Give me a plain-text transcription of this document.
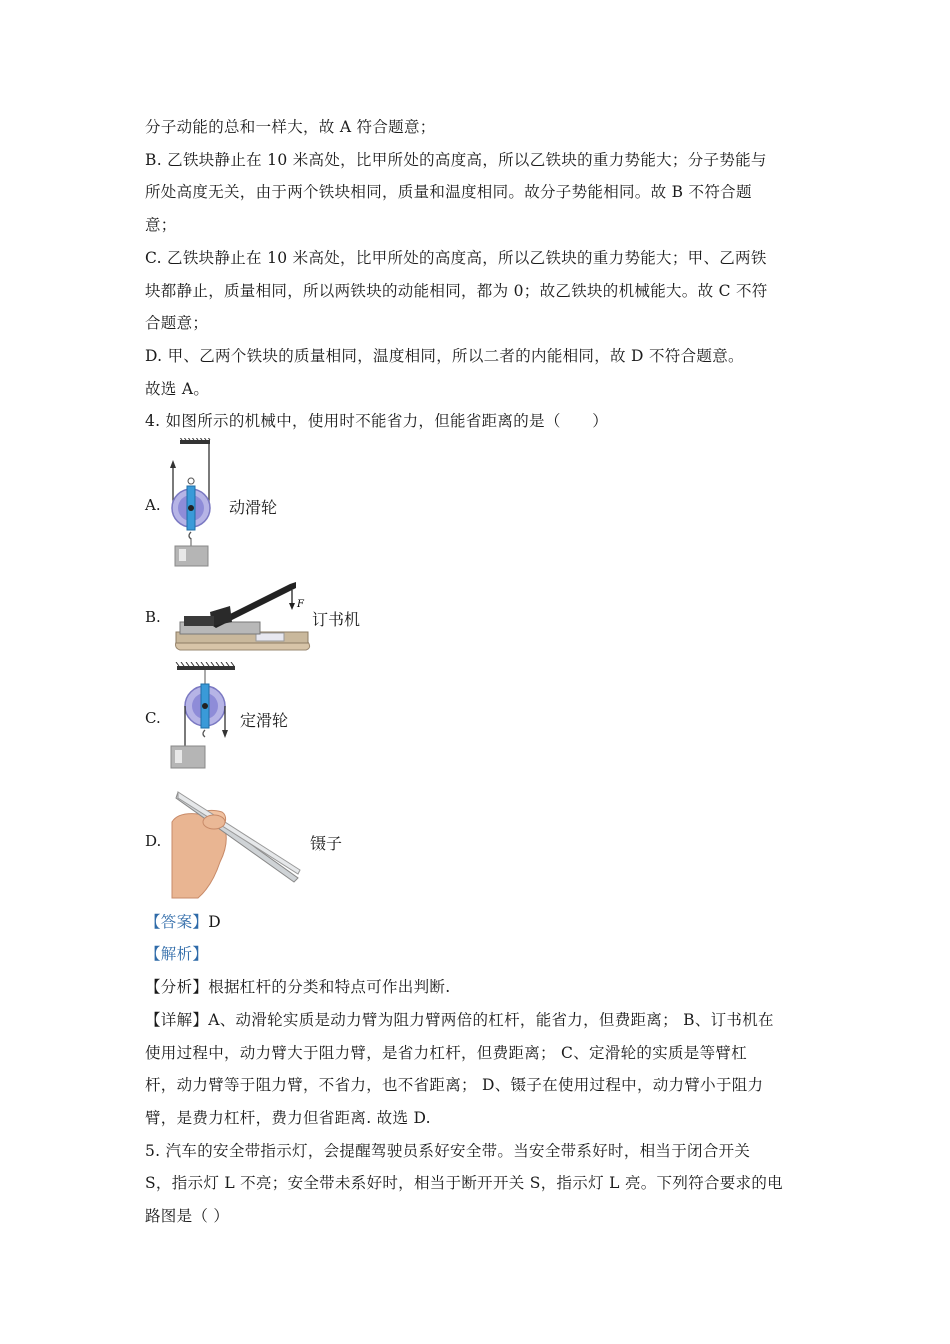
分子动能的总和一样大，故 A 符合题意；
B. 乙铁块静止在 10 米高处，比甲所处的高度高，所以乙铁块的重力势能大；分子势能与
所处高度无关，由于两个铁块相同，质量和温度相同。故分子势能相同。故 B 不符合题
意；
C. 乙铁块静止在 10 米高处，比甲所处的高度高，所以乙铁块的重力势能大；甲、乙两铁
块都静止，质量相同，所以两铁块的动能相同，都为 0；故乙铁块的机械能大。故 C 不符
合题意；
D. 甲、乙两个铁块的质量相同，温度相同，所以二者的内能相同，故 D 不符合题意。
故选 A。
4. 如图所示的机械中，使用时不能省力，但能省距离的是（　　）
A.	动滑轮
B.
F
订书机
C.	定滑轮
D.	镊子
【答案】D
【解析】
【分析】根据杠杆的分类和特点可作出判断.
【详解】A、动滑轮实质是动力臂为阻力臂两倍的杠杆，能省力，但费距离； B、订书机在
使用过程中，动力臂大于阻力臂，是省力杠杆，但费距离； C、定滑轮的实质是等臂杠
杆，动力臂等于阻力臂，不省力，也不省距离； D、镊子在使用过程中，动力臂小于阻力
臂，是费力杠杆，费力但省距离. 故选 D.
5. 汽车的安全带指示灯，会提醒驾驶员系好安全带。当安全带系好时，相当于闭合开关
S，指示灯 L 不亮；安全带未系好时，相当于断开开关 S，指示灯 L 亮。下列符合要求的电
路图是（ ）
